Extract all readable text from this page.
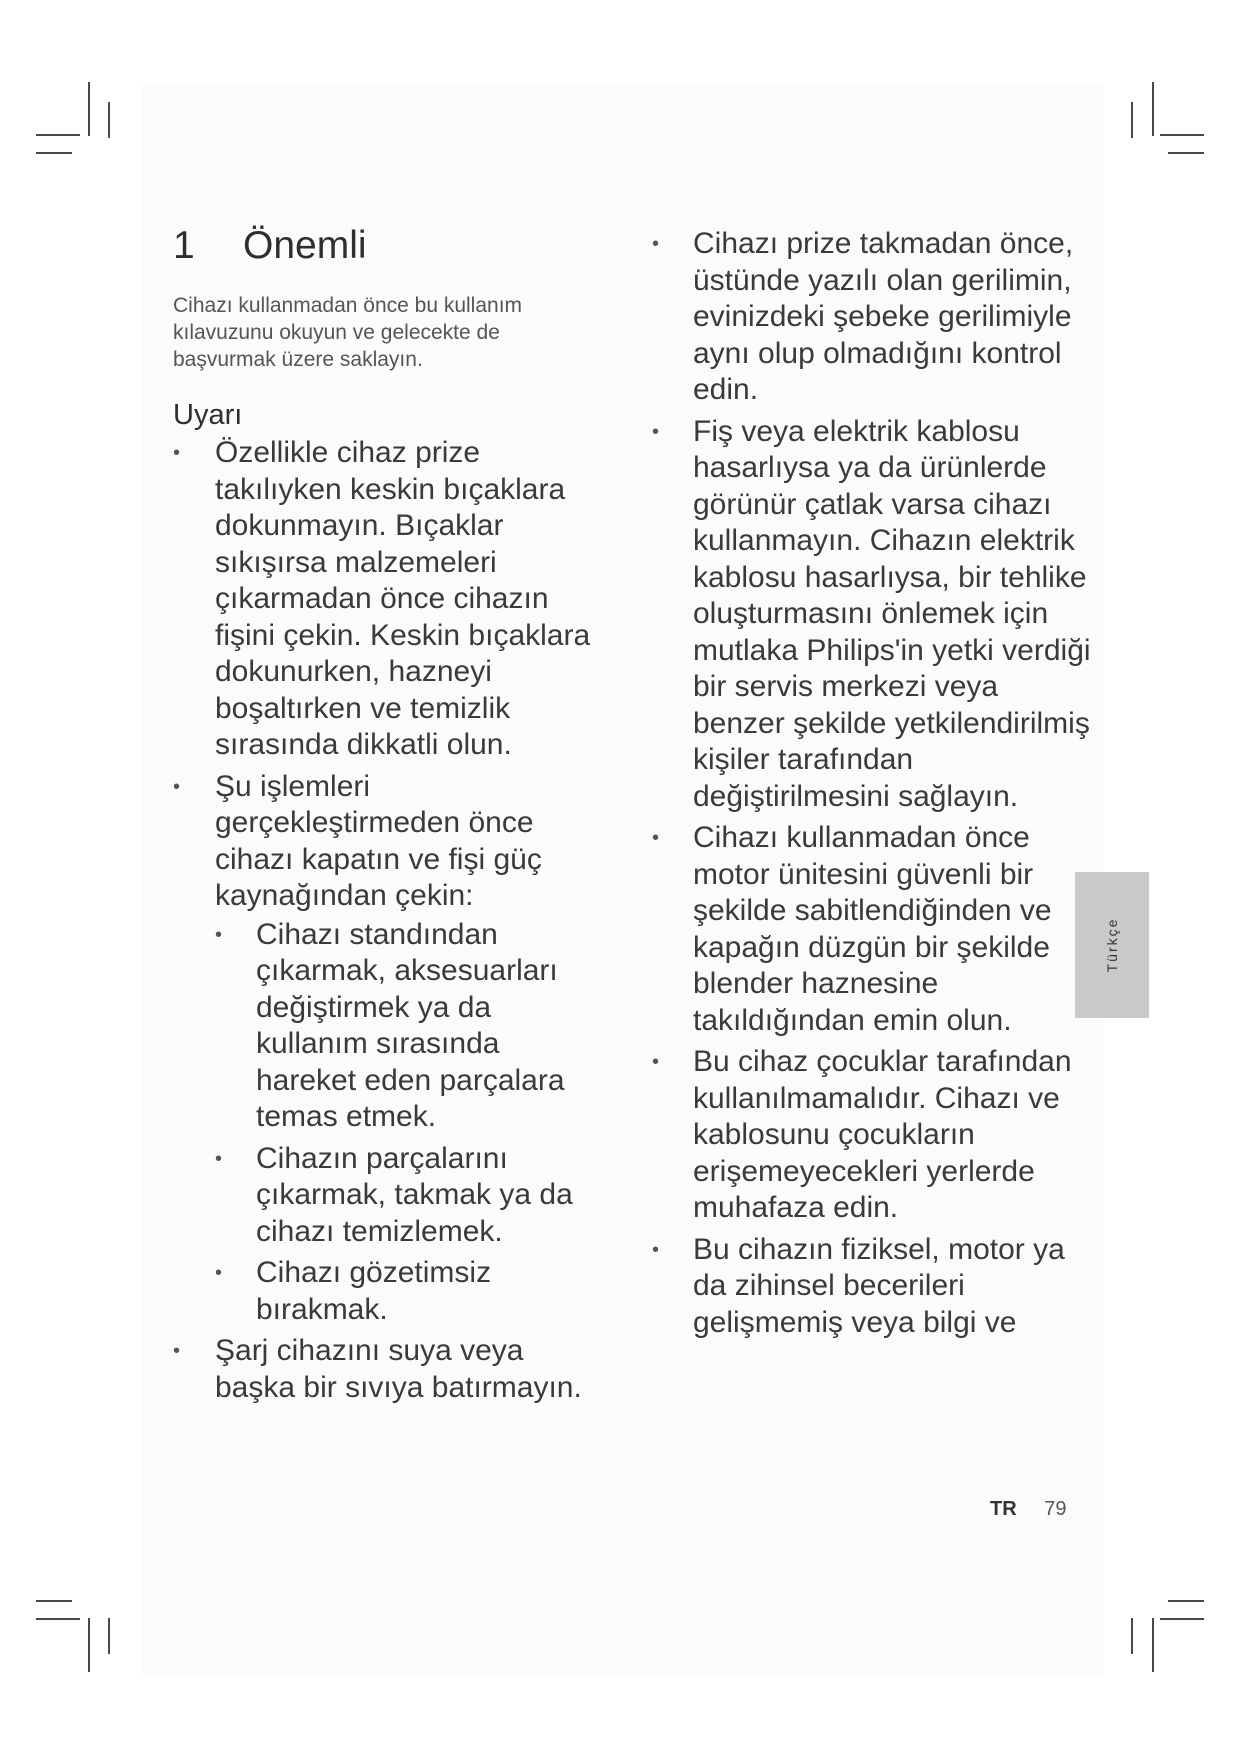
1	Önemli

Cihazı kullanmadan önce bu kullanım kılavuzunu okuyun ve gelecekte de başvurmak üzere saklayın.

Uyarı
• Özellikle cihaz prize takılıyken keskin bıçaklara dokunmayın. Bıçaklar sıkışırsa malzemeleri çıkarmadan önce cihazın fişini çekin. Keskin bıçaklara dokunurken, hazneyi boşaltırken ve temizlik sırasında dikkatli olun.
• Şu işlemleri gerçekleştirmeden önce cihazı kapatın ve fişi güç kaynağından çekin:
• Cihazı standından çıkarmak, aksesuarları değiştirmek ya da kullanım sırasında hareket eden parçalara temas etmek.
• Cihazın parçalarını çıkarmak, takmak ya da cihazı temizlemek.
• Cihazı gözetimsiz bırakmak.
• Şarj cihazını suya veya başka bir sıvıya batırmayın.
• Cihazı prize takmadan önce, üstünde yazılı olan gerilimin, evinizdeki şebeke gerilimiyle aynı olup olmadığını kontrol edin.
• Fiş veya elektrik kablosu hasarlıysa ya da ürünlerde görünür çatlak varsa cihazı kullanmayın. Cihazın elektrik kablosu hasarlıysa, bir tehlike oluşturmasını önlemek için mutlaka Philips'in yetki verdiği bir servis merkezi veya benzer şekilde yetkilendirilmiş kişiler tarafından değiştirilmesini sağlayın.
• Cihazı kullanmadan önce motor ünitesini güvenli bir şekilde sabitlendiğinden ve kapağın düzgün bir şekilde blender haznesine takıldığından emin olun.
• Bu cihaz çocuklar tarafından kullanılmamalıdır. Cihazı ve kablosunu çocukların erişemeyecekleri yerlerde muhafaza edin.
• Bu cihazın fiziksel, motor ya da zihinsel becerileri gelişmemiş veya bilgi ve
Türkçe
TR 79
